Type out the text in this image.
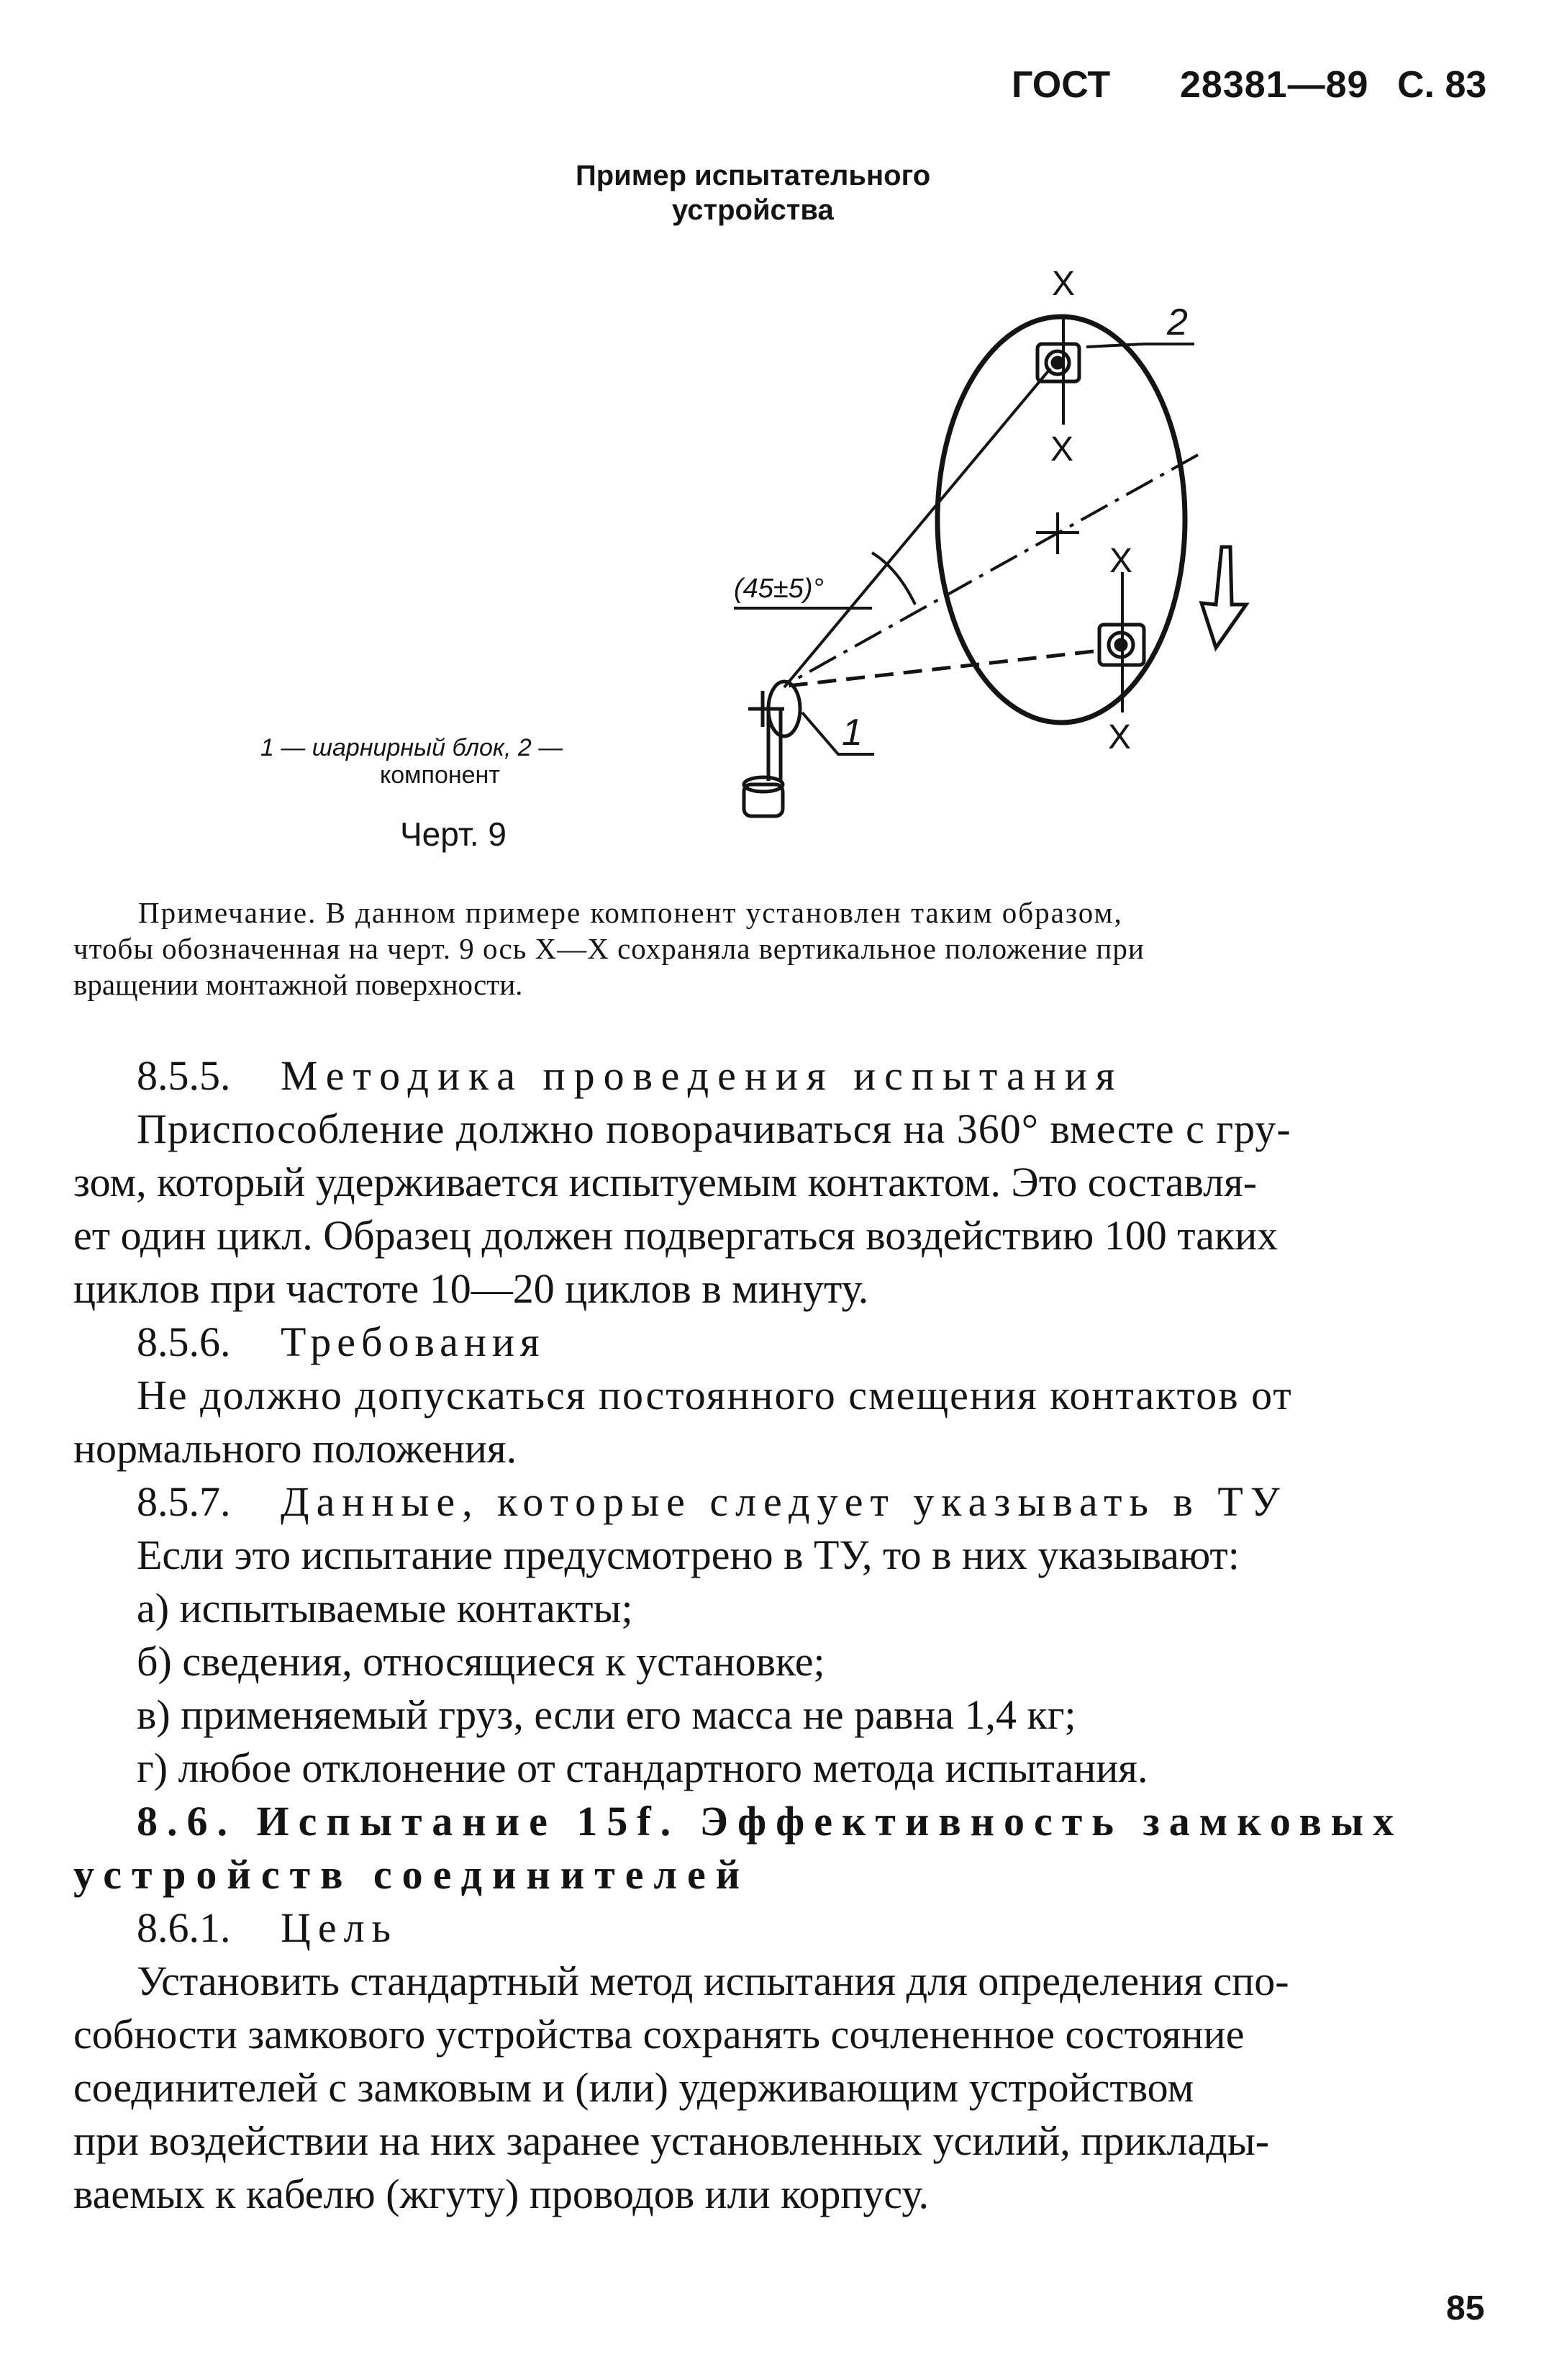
ГОСТ 28381—89 С. 83
Пример испытательного
устройства
X
X
X
X
2
1
(45±5)°
1 — шарнирный блок, 2 —
компонент
Черт. 9
Примечание. В данном примере компонент установлен таким образом,
чтобы обозначенная на черт. 9 ось X—X сохраняла вертикальное положение при
вращении монтажной поверхности.
8.5.5. Методика проведения испытания
Приспособление должно поворачиваться на 360° вместе с гру-
зом, который удерживается испытуемым контактом. Это составля-
ет один цикл. Образец должен подвергаться воздействию 100 таких
циклов при частоте 10—20 циклов в минуту.
8.5.6. Требования
Не должно допускаться постоянного смещения контактов от
нормального положения.
8.5.7. Данные, которые следует указывать в ТУ
Если это испытание предусмотрено в ТУ, то в них указывают:
а) испытываемые контакты;
б) сведения, относящиеся к установке;
в) применяемый груз, если его масса не равна 1,4 кг;
г) любое отклонение от стандартного метода испытания.
8.6. Испытание 15f. Эффективность замковых
устройств соединителей
8.6.1. Цель
Установить стандартный метод испытания для определения спо-
собности замкового устройства сохранять сочлененное состояние
соединителей с замковым и (или) удерживающим устройством
при воздействии на них заранее установленных усилий, приклады-
ваемых к кабелю (жгуту) проводов или корпусу.
85
